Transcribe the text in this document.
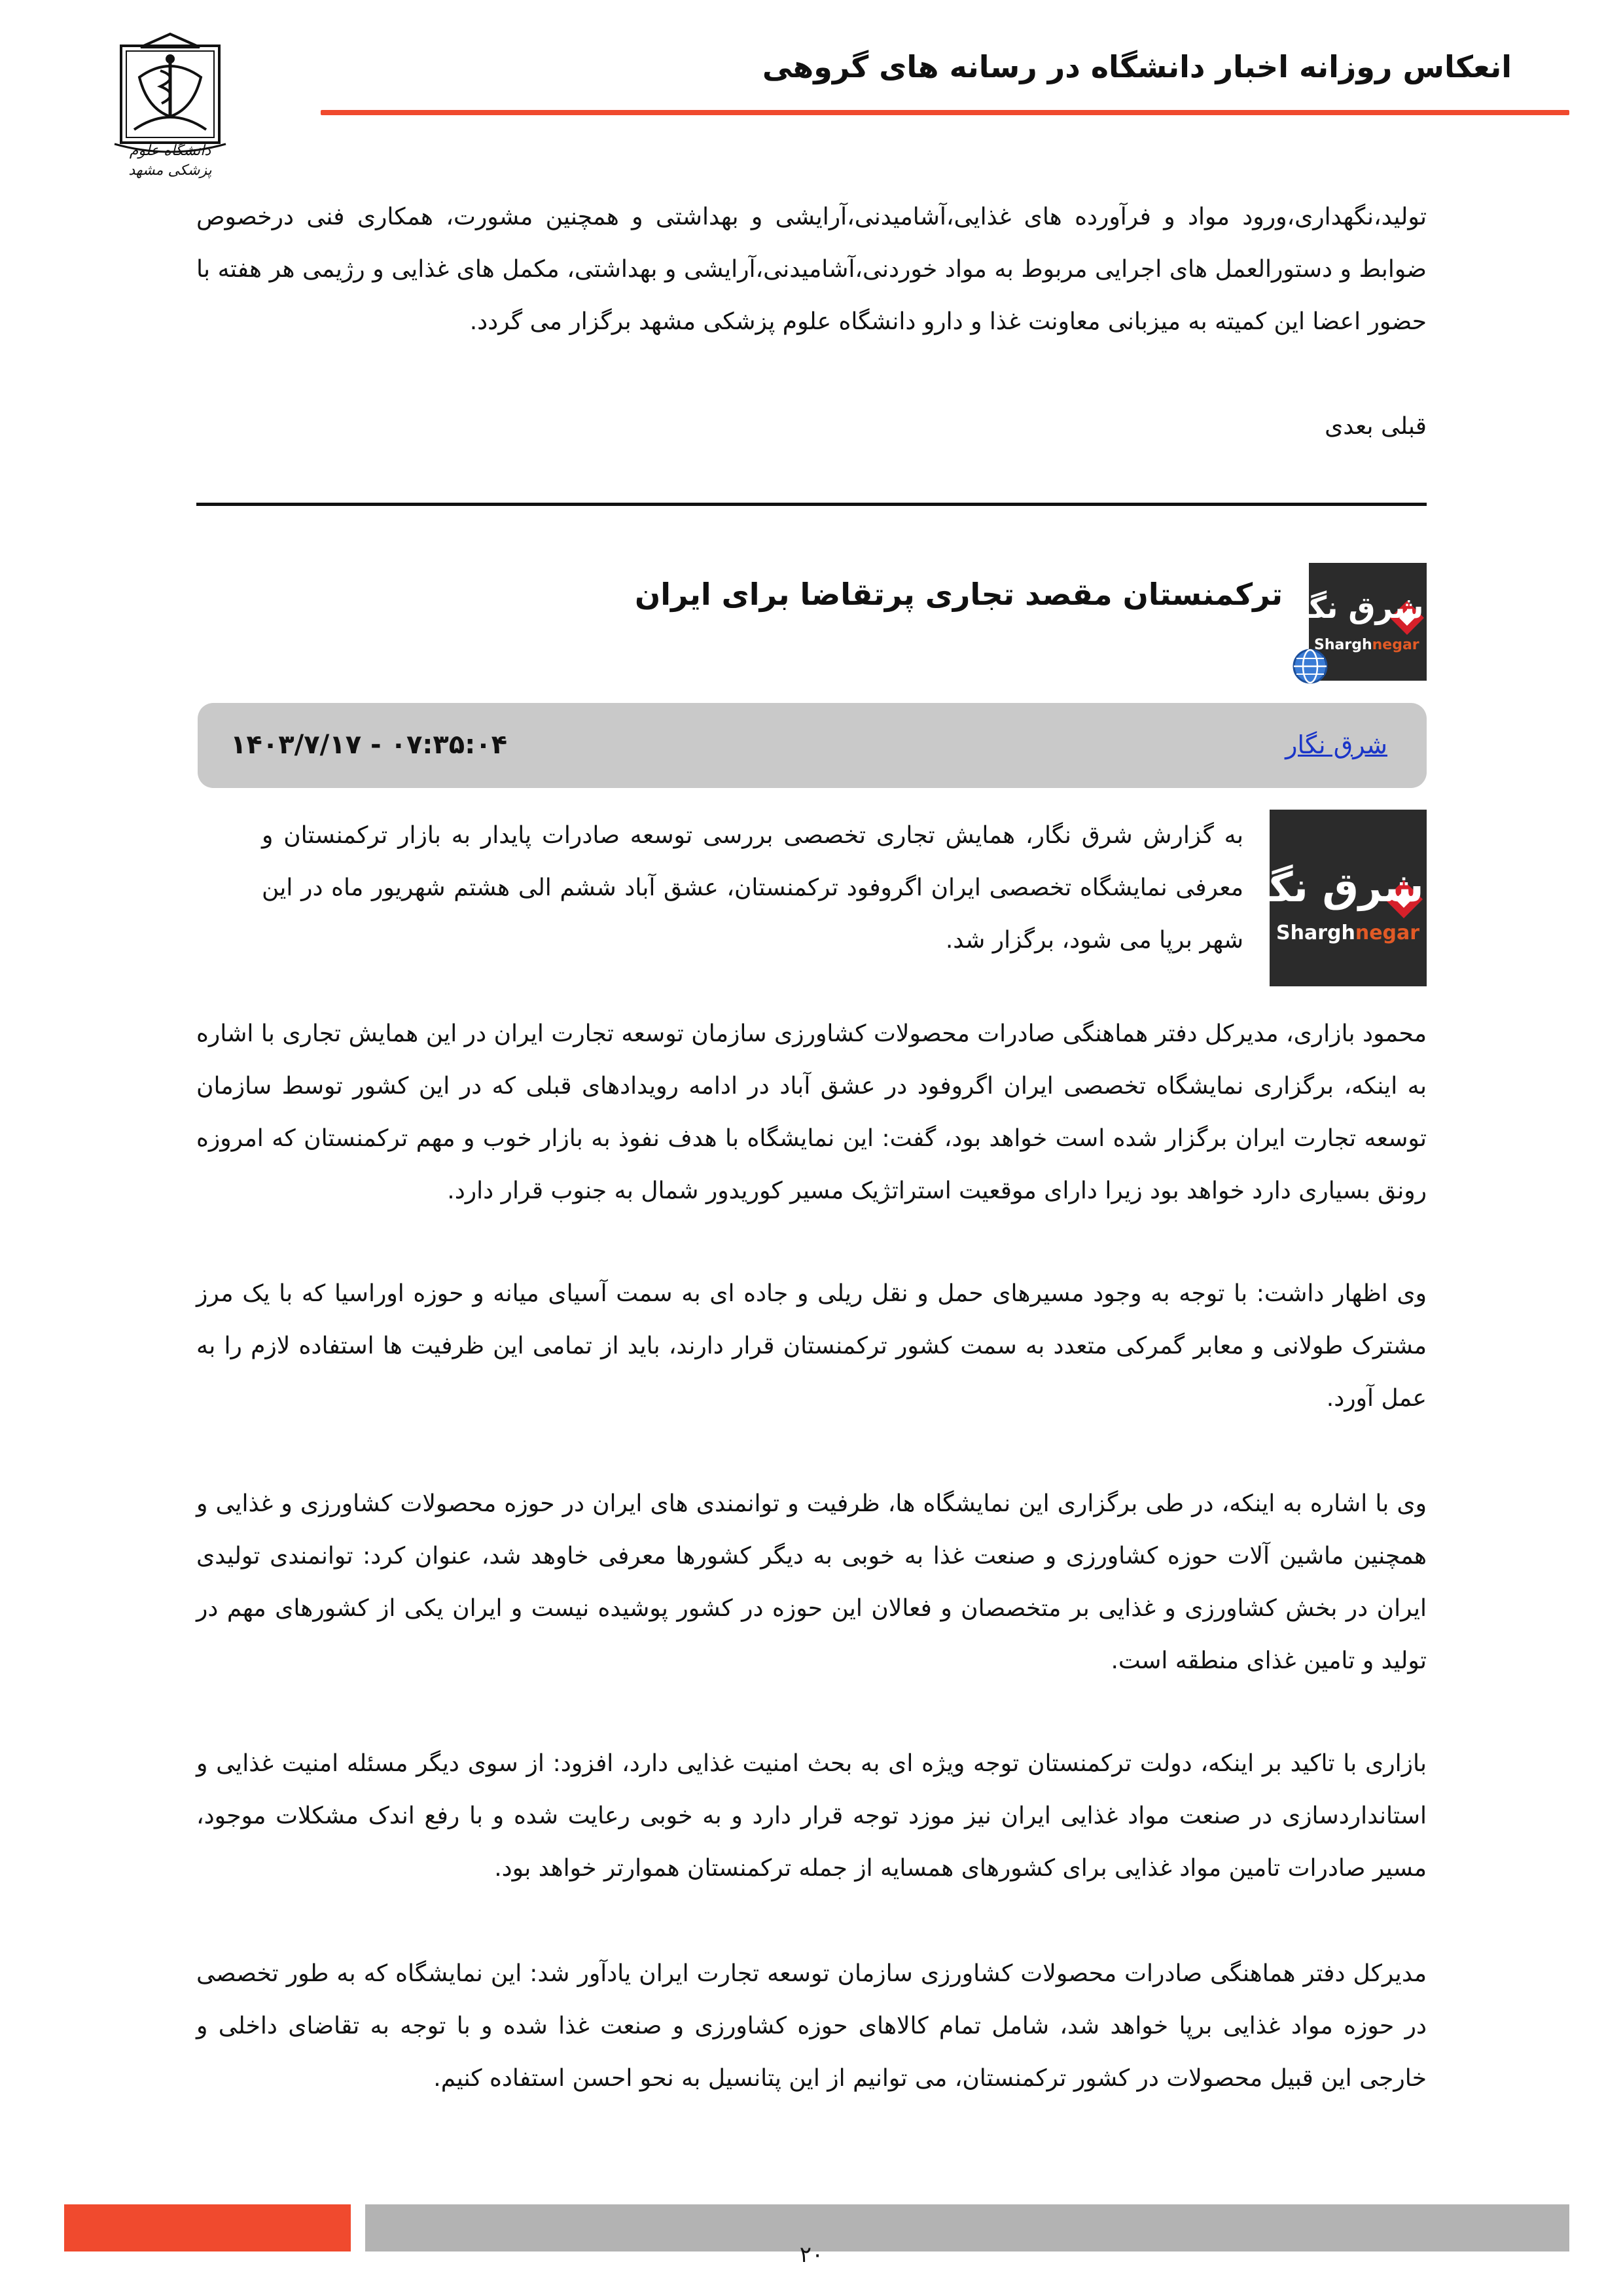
انعکاس روزانه اخبار دانشگاه در رسانه های گروهی
دانشگاه علوم پزشکی مشهد

تولید،نگهداری،ورود مواد و فرآورده های غذایی،آشامیدنی،آرایشی و بهداشتی و همچنین مشورت، همکاری فنی درخصوص ضوابط و دستورالعمل های اجرایی مربوط به مواد خوردنی،آشامیدنی،آرایشی و بهداشتی، مکمل های غذایی و رژیمی هر هفته با حضور اعضا این کمیته به میزبانی معاونت غذا و دارو دانشگاه علوم پزشکی مشهد برگزار می گردد.

قبلی بعدی
شرق نگار
Sharghnegar
ترکمنستان مقصد تجاری پرتقاضا برای ایران
شرق نگار
۱۴۰۳/۷/۱۷ - ۰۷:۳۵:۰۴
شرق نگار
Sharghnegar

به گزارش شرق نگار، همایش تجاری تخصصی بررسی توسعه صادرات پایدار به بازار ترکمنستان و معرفی نمایشگاه تخصصی ایران اگروفود ترکمنستان، عشق آباد ششم الی هشتم شهریور ماه در این شهر برپا می شود، برگزار شد.

محمود بازاری، مدیرکل دفتر هماهنگی صادرات محصولات کشاورزی سازمان توسعه تجارت ایران در این همایش تجاری با اشاره به اینکه، برگزاری نمایشگاه تخصصی ایران اگروفود در عشق آباد در ادامه رویدادهای قبلی که در این کشور توسط سازمان توسعه تجارت ایران برگزار شده است خواهد بود، گفت: این نمایشگاه با هدف نفوذ به بازار خوب و مهم ترکمنستان که امروزه رونق بسیاری دارد خواهد بود زیرا دارای موقعیت استراتژیک مسیر کوریدور شمال به جنوب قرار دارد.

وی اظهار داشت: با توجه به وجود مسیرهای حمل و نقل ریلی و جاده ای به سمت آسیای میانه و حوزه اوراسیا که با یک مرز مشترک طولانی و معابر گمرکی متعدد به سمت کشور ترکمنستان قرار دارند، باید از تمامی این ظرفیت ها استفاده لازم را به عمل آورد.

وی با اشاره به اینکه، در طی برگزاری این نمایشگاه ها، ظرفیت و توانمندی های ایران در حوزه محصولات کشاورزی و غذایی و همچنین ماشین آلات حوزه کشاورزی و صنعت غذا به خوبی به دیگر کشورها معرفی خاوهد شد، عنوان کرد: توانمندی تولیدی ایران در بخش کشاورزی و غذایی بر متخصصان و فعالان این حوزه در کشور پوشیده نیست و ایران یکی از کشورهای مهم در تولید و تامین غذای منطقه است.

بازاری با تاکید بر اینکه، دولت ترکمنستان توجه ویژه ای به بحث امنیت غذایی دارد، افزود: از سوی دیگر مسئله امنیت غذایی و استانداردسازی در صنعت مواد غذایی ایران نیز موزد توجه قرار دارد و به خوبی رعایت شده و با رفع اندک مشکلات موجود، مسیر صادرات تامین مواد غذایی برای کشورهای همسایه از جمله ترکمنستان هموارتر خواهد بود.

مدیرکل دفتر هماهنگی صادرات محصولات کشاورزی سازمان توسعه تجارت ایران یادآور شد: این نمایشگاه که به طور تخصصی در حوزه مواد غذایی برپا خواهد شد، شامل تمام کالاهای حوزه کشاورزی و صنعت غذا شده و با توجه به تقاضای داخلی و خارجی این قبیل محصولات در کشور ترکمنستان، می توانیم از این پتانسیل به نحو احسن استفاده کنیم.

۲۰
